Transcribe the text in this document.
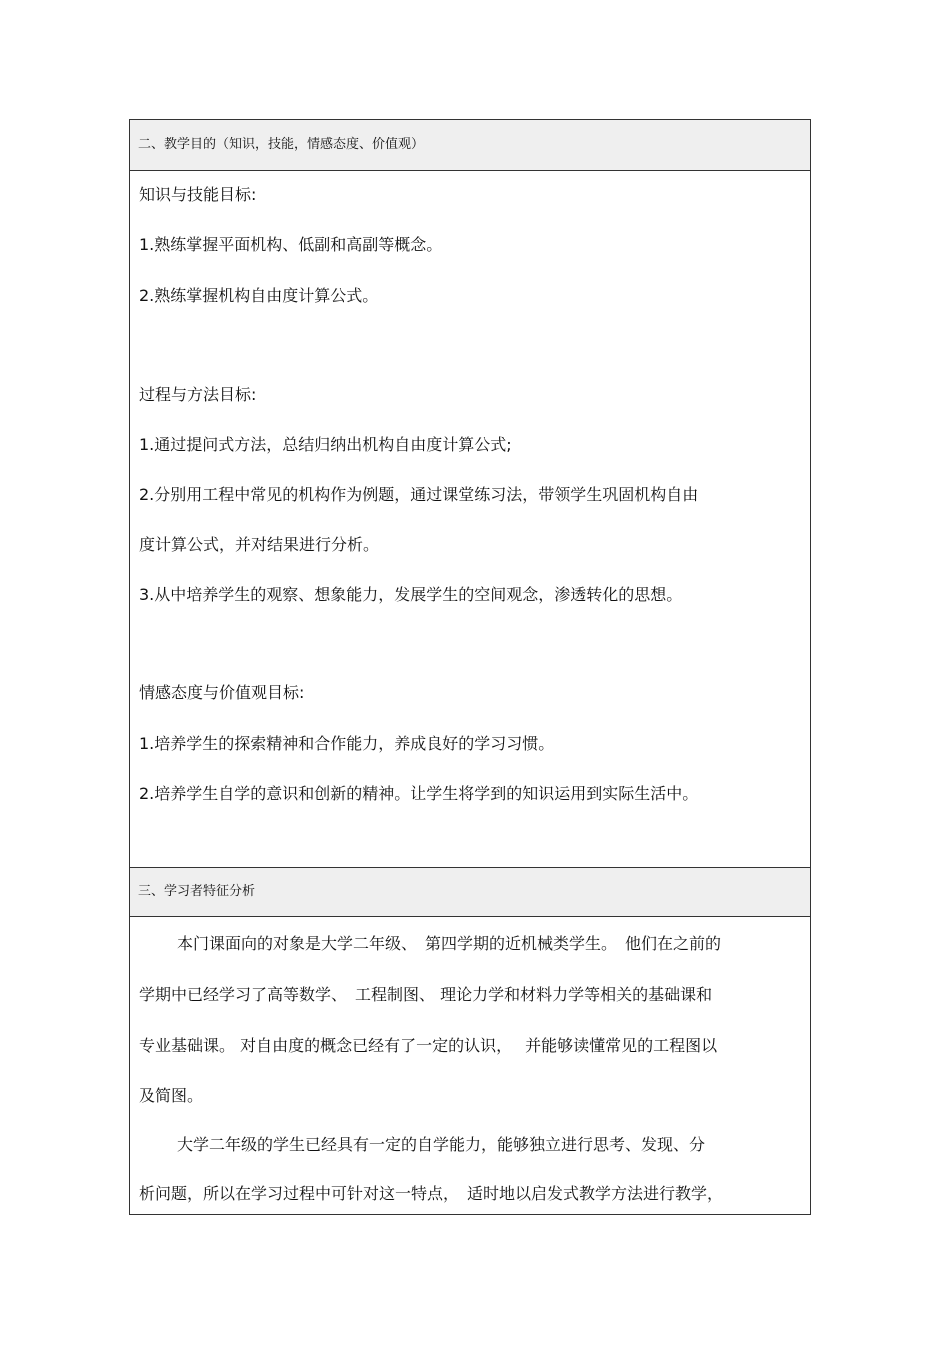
二、教学目的（知识，技能，情感态度、价值观）
知识与技能目标:
1.熟练掌握平面机构、低副和高副等概念。
2.熟练掌握机构自由度计算公式。
过程与方法目标:
1.通过提问式方法，总结归纳出机构自由度计算公式;
2.分别用工程中常见的机构作为例题，通过课堂练习法，带领学生巩固机构自由
度计算公式，并对结果进行分析。
3.从中培养学生的观察、想象能力，发展学生的空间观念，渗透转化的思想。
情感态度与价值观目标:
1.培养学生的探索精神和合作能力，养成良好的学习习惯。
2.培养学生自学的意识和创新的精神。让学生将学到的知识运用到实际生活中。
三、学习者特征分析
本门课面向的对象是大学二年级、　第四学期的近机械类学生。　他们在之前的
学期中已经学习了高等数学、　工程制图、 理论力学和材料力学等相关的基础课和
专业基础课。 对自由度的概念已经有了一定的认识，　 并能够读懂常见的工程图以
及简图。
大学二年级的学生已经具有一定的自学能力，能够独立进行思考、发现、分
析问题，所以在学习过程中可针对这一特点，　适时地以启发式教学方法进行教学，
